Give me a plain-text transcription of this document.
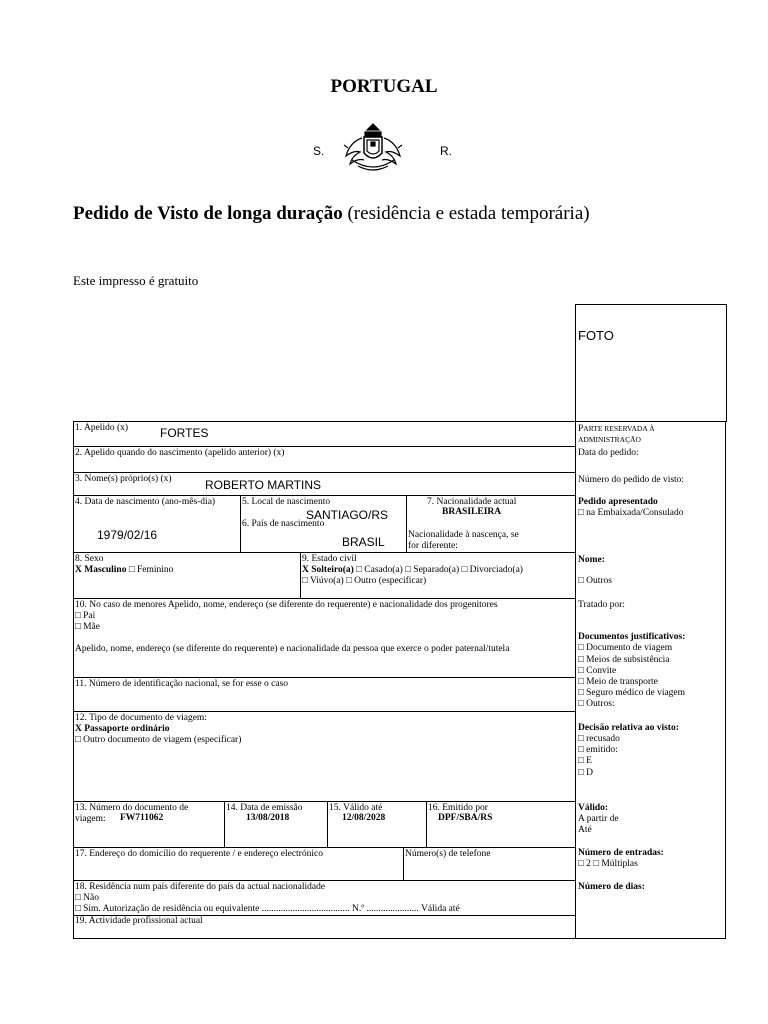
PORTUGAL
S.	R.
Pedido de Visto de longa duração (residência e estada temporária)
Este impresso é gratuito
FOTO
1. Apelido (x)	FORTES
2. Apelido quando do nascimento (apelido anterior) (x)
3. Nome(s) próprio(s) (x)	ROBERTO MARTINS
4. Data de nascimento (ano-mês-dia)
1979/02/16
5. Local de nascimento
SANTIAGO/RS
6. País de nascimento
BRASIL
7. Nacionalidade actual
BRASILEIRA
Nacionalidade à nascença, se
for diferente:
8. Sexo
X Masculino □ Feminino
9. Estado civil
X Solteiro(a) □ Casado(a) □ Separado(a) □ Divorciado(a)
□ Viúvo(a) □ Outro (especificar)
10. No caso de menores Apelido, nome, endereço (se diferente do requerente) e nacionalidade dos progenitores
□ Pai
□ Mãe
Apelido, nome, endereço (se diferente do requerente) e nacionalidade da pessoa que exerce o poder paternal/tutela
11. Número de identificação nacional, se for esse o caso
12. Tipo de documento de viagem:
X Passaporte ordinário
□ Outro documento de viagem (especificar)
13. Número do documento de
viagem: FW711062
14. Data de emissão
13/08/2018
15. Válido até
12/08/2028
16. Emitido por
DPF/SBA/RS
17. Endereço do domicílio do requerente / e endereço electrónico	Número(s) de telefone
18. Residência num país diferente do país da actual nacionalidade
□ Não
□ Sim. Autorização de residência ou equivalente ..................................... N.º ...................... Válida até
19. Actividade profissional actual
PARTE RESERVADA À
ADMINISTRAÇÃO
Data do pedido:
Número do pedido de visto:
Pedido apresentado
□ na Embaixada/Consulado
Nome:
□ Outros
Tratado por:
Documentos justificativos:
□ Documento de viagem
□ Meios de subsistência
□ Convite
□ Meio de transporte
□ Seguro médico de viagem
□ Outros:
Decisão relativa ao visto:
□ recusado
□ emitido:
□ E
□ D
Válido:
A partir de
Até
Número de entradas:
□ 2 □ Múltiplas
Número de dias:
